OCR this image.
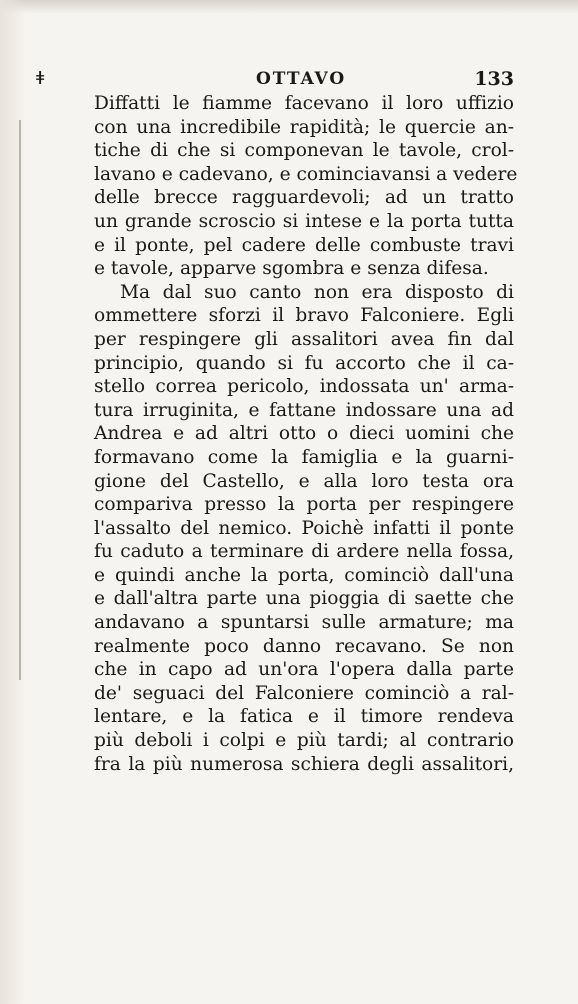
ǂ	OTTAVO	133
Diffatti le fiamme facevano il loro uffizio
con una incredibile rapidità; le quercie an-
tiche di che si componevan le tavole, crol-
lavano e cadevano, e cominciavansi a vedere
delle brecce ragguardevoli; ad un tratto
un grande scroscio si intese e la porta tutta
e il ponte, pel cadere delle combuste travi
e tavole, apparve sgombra e senza difesa.
Ma dal suo canto non era disposto di
ommettere sforzi il bravo Falconiere. Egli
per respingere gli assalitori avea fin dal
principio, quando si fu accorto che il ca-
stello correa pericolo, indossata un' arma-
tura irruginita, e fattane indossare una ad
Andrea e ad altri otto o dieci uomini che
formavano come la famiglia e la guarni-
gione del Castello, e alla loro testa ora
compariva presso la porta per respingere
l'assalto del nemico. Poichè infatti il ponte
fu caduto a terminare di ardere nella fossa,
e quindi anche la porta, cominciò dall'una
e dall'altra parte una pioggia di saette che
andavano a spuntarsi sulle armature; ma
realmente poco danno recavano. Se non
che in capo ad un'ora l'opera dalla parte
de' seguaci del Falconiere cominciò a ral-
lentare, e la fatica e il timore rendeva
più deboli i colpi e più tardi; al contrario
fra la più numerosa schiera degli assalitori,
